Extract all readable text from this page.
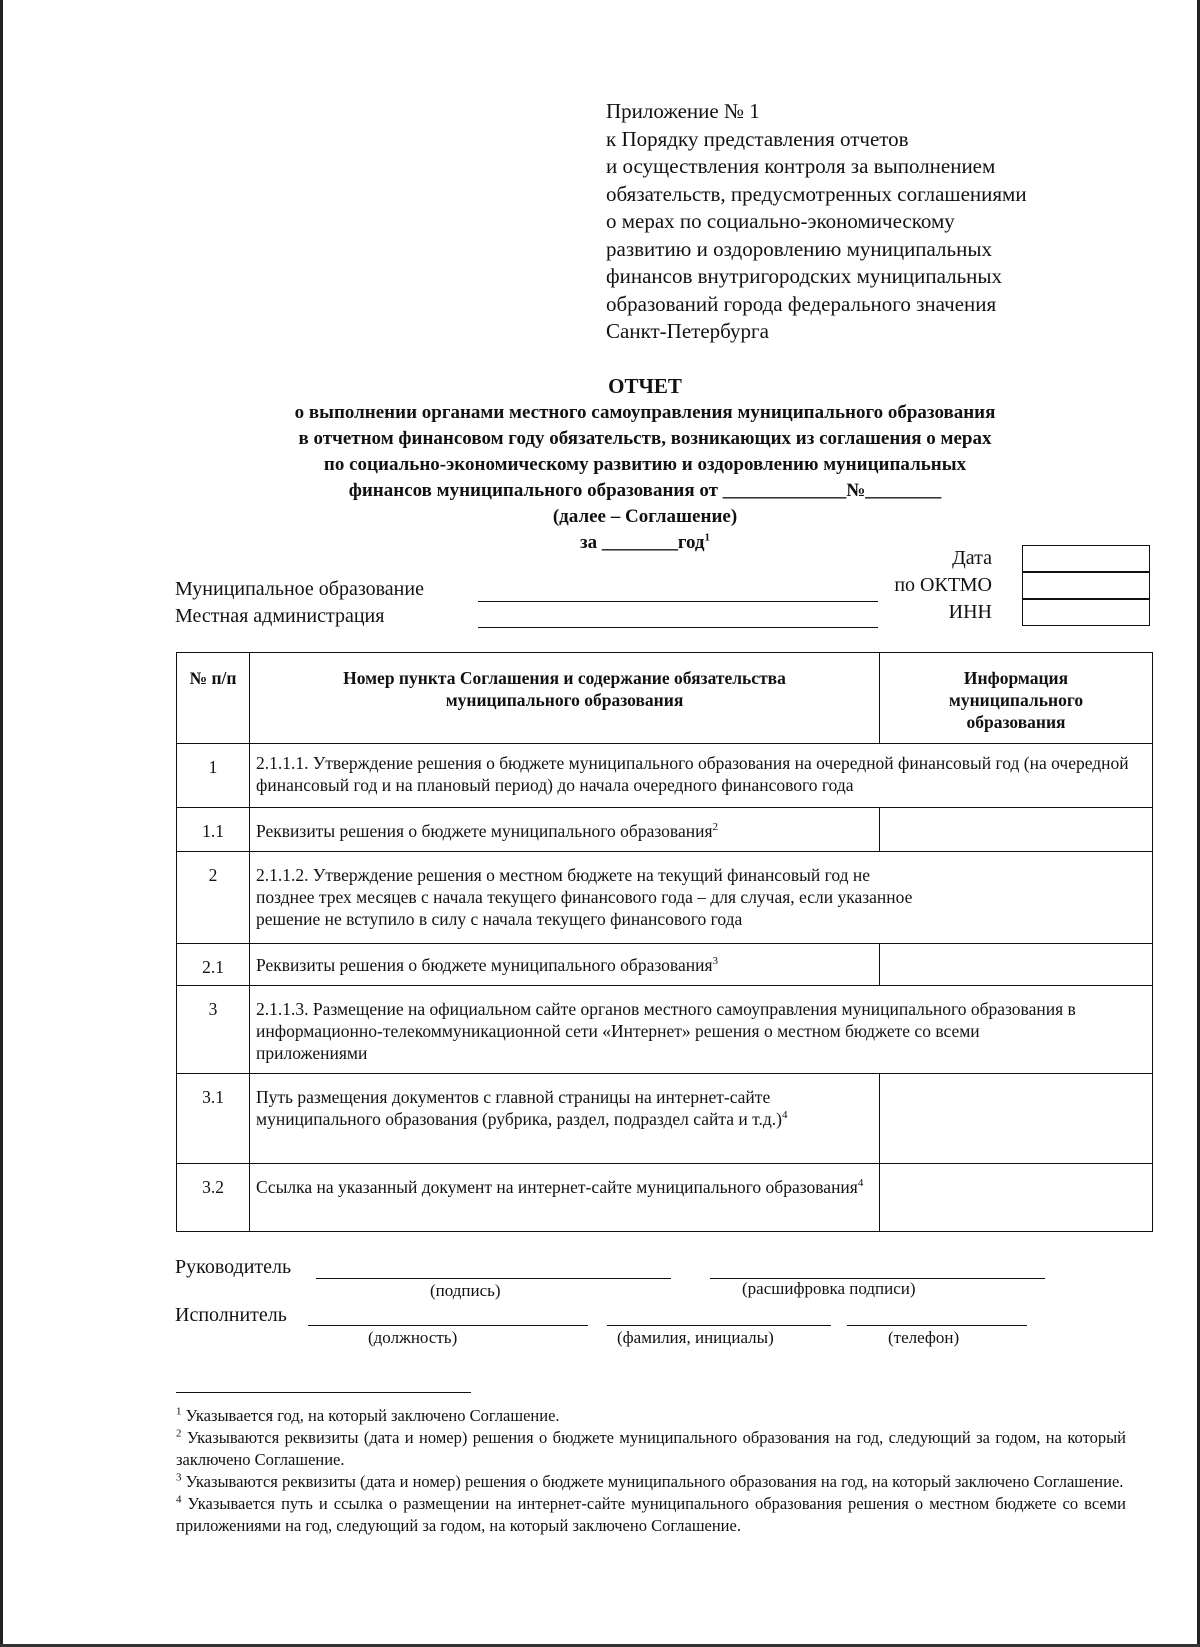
Приложение № 1
к Порядку представления отчетов
и осуществления контроля за выполнением
обязательств, предусмотренных соглашениями
о мерах по социально-экономическому
развитию и оздоровлению муниципальных
финансов внутригородских муниципальных
образований города федерального значения
Санкт-Петербурга
ОТЧЕТ
о выполнении органами местного самоуправления муниципального образования
в отчетном финансовом году обязательств, возникающих из соглашения о мерах
по социально-экономическому развитию и оздоровлению муниципальных
финансов муниципального образования от _____________№________
(далее – Соглашение)
за ________год$^1$
Дата
по ОКТМО
ИНН
Муниципальное образование
Местная администрация
№ п/п	Номер пункта Соглашения и содержание обязательства муниципального образования	Информация муниципального образования
1	2.1.1.1. Утверждение решения о бюджете муниципального образования на очередной финансовый год (на очередной финансовый год и на плановый период) до начала очередного финансового года	
1.1	Реквизиты решения о бюджете муниципального образования$^2$	
2	2.1.1.2. Утверждение решения о местном бюджете на текущий финансовый год не позднее трех месяцев с начала текущего финансового года – для случая, если указанное решение не вступило в силу с начала текущего финансового года	
2.1	Реквизиты решения о бюджете муниципального образования$^3$	
3	2.1.1.3. Размещение на официальном сайте органов местного самоуправления муниципального образования в информационно-телекоммуникационной сети «Интернет» решения о местном бюджете со всеми приложениями	
3.1	Путь размещения документов с главной страницы на интернет-сайте муниципального образования (рубрика, раздел, подраздел сайта и т.д.)$^4$	
3.2	Ссылка на указанный документ на интернет-сайте муниципального образования$^4$	
Руководитель
(подпись)	(расшифровка подписи)
Исполнитель
(должность)	(фамилия, инициалы)	(телефон)

$^1$ Указывается год, на который заключено Соглашение.

$^2$ Указываются реквизиты (дата и номер) решения о бюджете муниципального образования на год, следующий за годом, на который заключено Соглашение.

$^3$ Указываются реквизиты (дата и номер) решения о бюджете муниципального образования на год, на который заключено Соглашение.

$^4$ Указывается путь и ссылка о размещении на интернет-сайте муниципального образования решения о местном бюджете со всеми приложениями на год, следующий за годом, на который заключено Соглашение.
